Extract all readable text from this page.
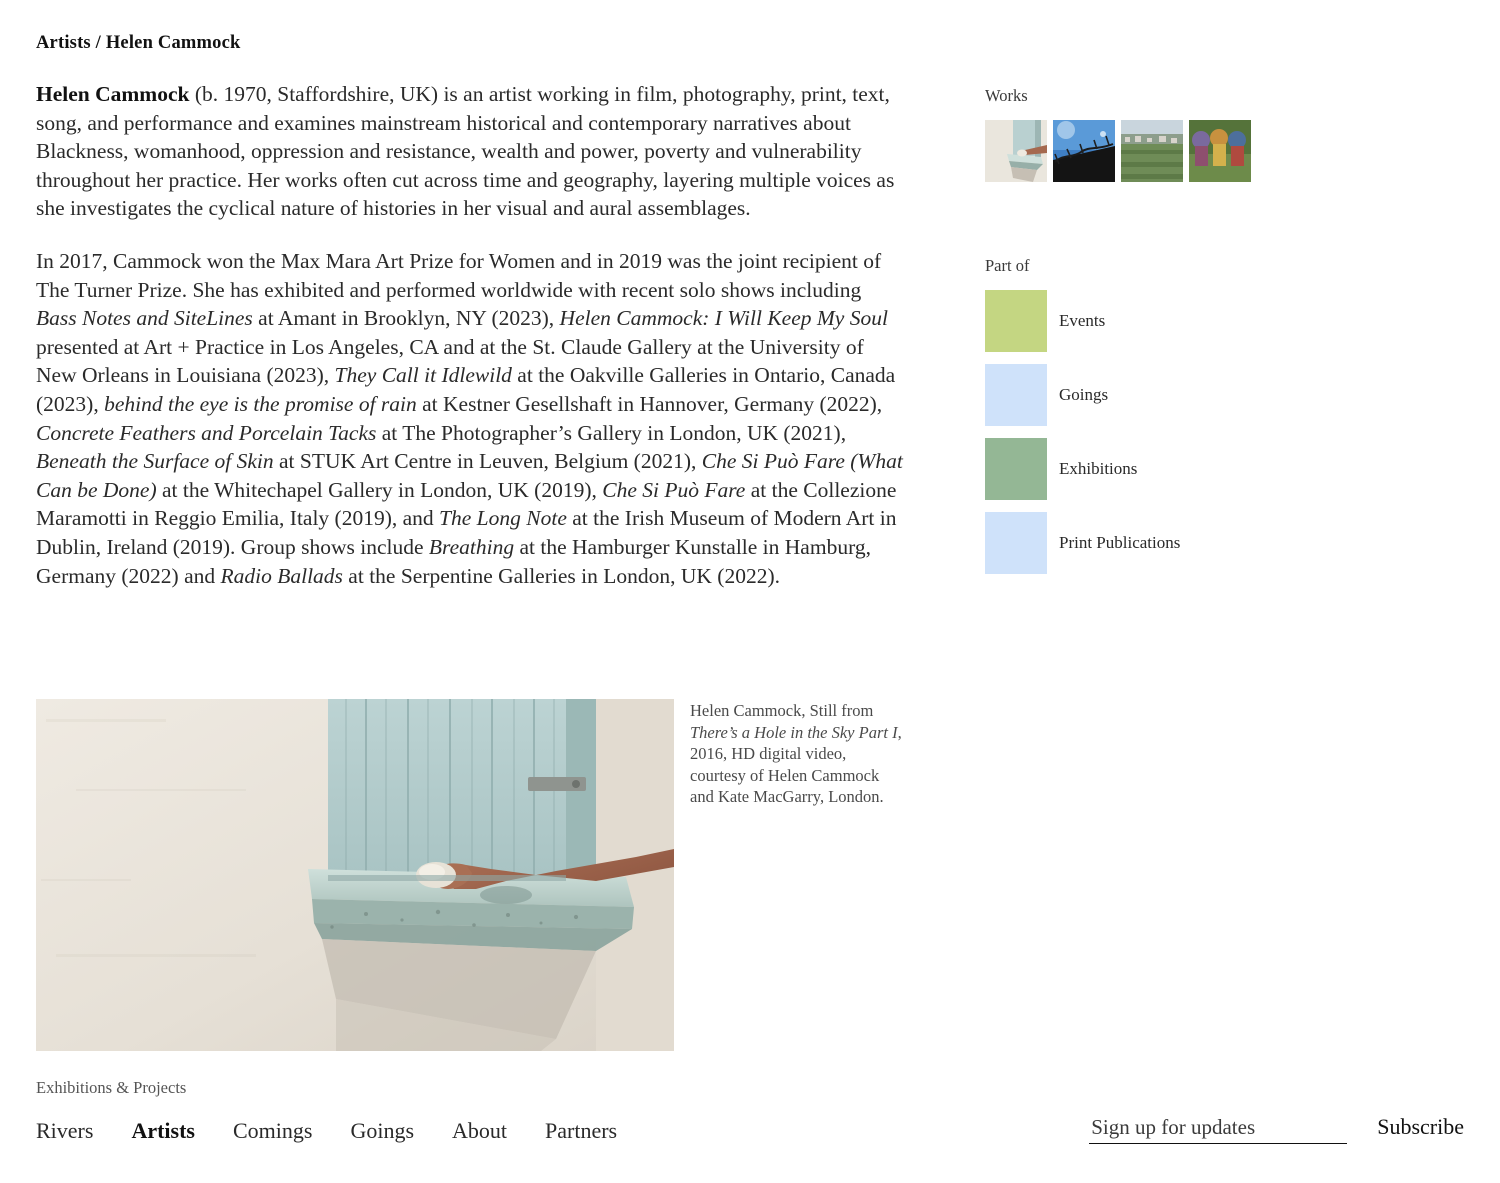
Artists / Helen Cammock

Helen Cammock (b. 1970, Staffordshire, UK) is an artist working in film, photography, print, text, song, and performance and examines mainstream historical and contemporary narratives about Blackness, womanhood, oppression and resistance, wealth and power, poverty and vulnerability throughout her practice. Her works often cut across time and geography, layering multiple voices as she investigates the cyclical nature of histories in her visual and aural assemblages.

In 2017, Cammock won the Max Mara Art Prize for Women and in 2019 was the joint recipient of The Turner Prize. She has exhibited and performed worldwide with recent solo shows including Bass Notes and SiteLines at Amant in Brooklyn, NY (2023), Helen Cammock: I Will Keep My Soul presented at Art + Practice in Los Angeles, CA and at the St. Claude Gallery at the University of New Orleans in Louisiana (2023), They Call it Idlewild at the Oakville Galleries in Ontario, Canada (2023), behind the eye is the promise of rain at Kestner Gesellshaft in Hannover, Germany (2022), Concrete Feathers and Porcelain Tacks at The Photographer’s Gallery in London, UK (2021), Beneath the Surface of Skin at STUK Art Centre in Leuven, Belgium (2021), Che Si Può Fare (What Can be Done) at the Whitechapel Gallery in London, UK (2019), Che Si Può Fare at the Collezione Maramotti in Reggio Emilia, Italy (2019), and The Long Note at the Irish Museum of Modern Art in Dublin, Ireland (2019). Group shows include Breathing at the Hamburger Kunstalle in Hamburg, Germany (2022) and Radio Ballads at the Serpentine Galleries in London, UK (2022).

Helen Cammock, Still from There’s a Hole in the Sky Part I, 2016, HD digital video, courtesy of Helen Cammock and Kate MacGarry, London.
Works
Part of
Events
Goings
Exhibitions
Print Publications
Exhibitions & Projects
Rivers Artists Comings Goings About Partners
Sign up for updates	Subscribe
